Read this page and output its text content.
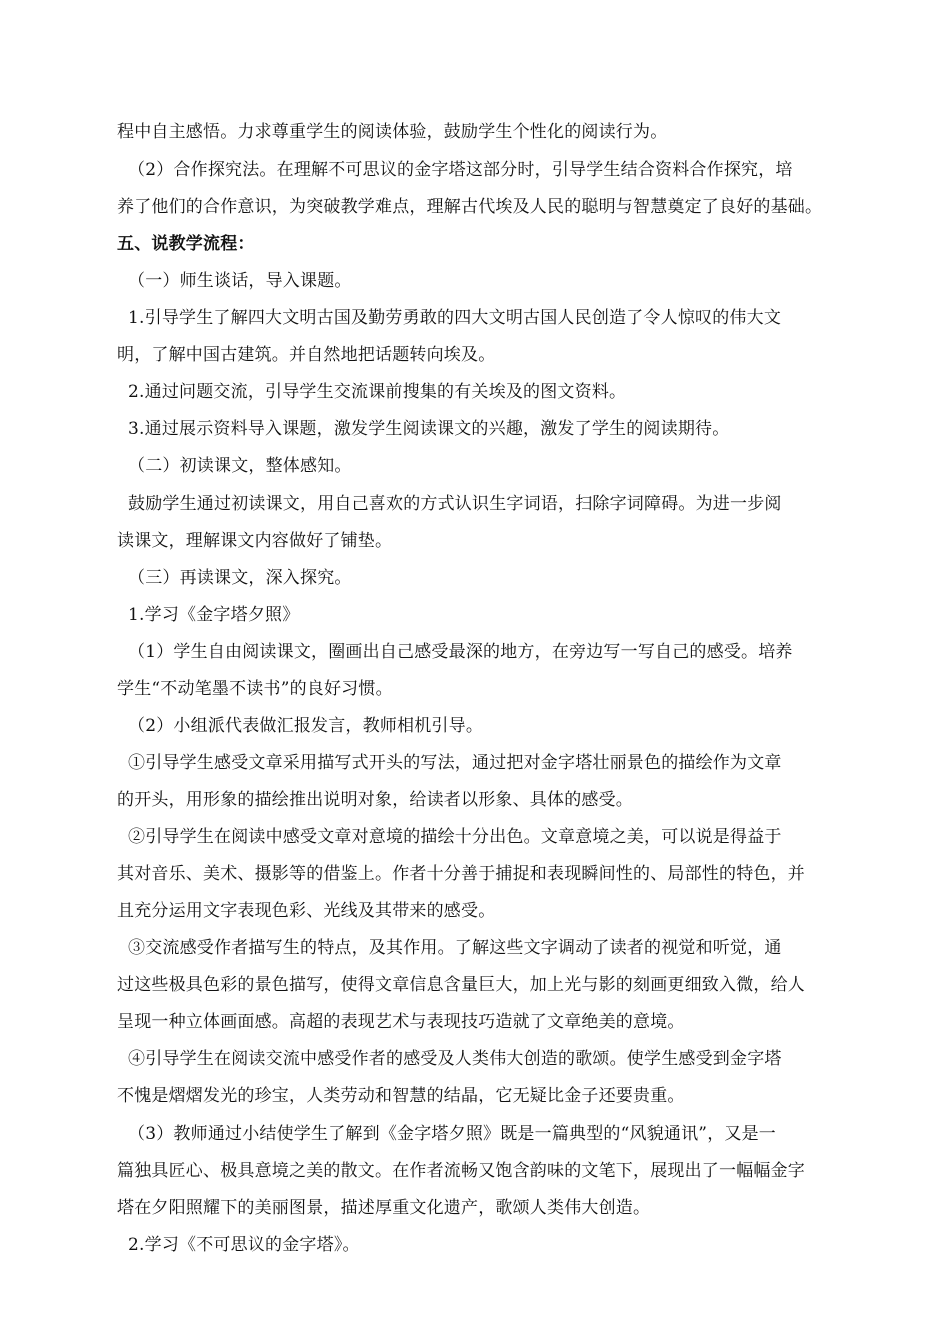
程中自主感悟。力求尊重学生的阅读体验，鼓励学生个性化的阅读行为。
（2）合作探究法。在理解不可思议的金字塔这部分时，引导学生结合资料合作探究，培
养了他们的合作意识，为突破教学难点，理解古代埃及人民的聪明与智慧奠定了良好的基础。
五、说教学流程：
（一）师生谈话，导入课题。
1.引导学生了解四大文明古国及勤劳勇敢的四大文明古国人民创造了令人惊叹的伟大文
明，了解中国古建筑。并自然地把话题转向埃及。
2.通过问题交流，引导学生交流课前搜集的有关埃及的图文资料。
3.通过展示资料导入课题，激发学生阅读课文的兴趣，激发了学生的阅读期待。
（二）初读课文，整体感知。
鼓励学生通过初读课文，用自己喜欢的方式认识生字词语，扫除字词障碍。为进一步阅
读课文，理解课文内容做好了铺垫。
（三）再读课文，深入探究。
1.学习《金字塔夕照》
（1）学生自由阅读课文，圈画出自己感受最深的地方，在旁边写一写自己的感受。培养
学生“不动笔墨不读书”的良好习惯。
（2）小组派代表做汇报发言，教师相机引导。
①引导学生感受文章采用描写式开头的写法，通过把对金字塔壮丽景色的描绘作为文章
的开头，用形象的描绘推出说明对象，给读者以形象、具体的感受。
②引导学生在阅读中感受文章对意境的描绘十分出色。文章意境之美，可以说是得益于
其对音乐、美术、摄影等的借鉴上。作者十分善于捕捉和表现瞬间性的、局部性的特色，并
且充分运用文字表现色彩、光线及其带来的感受。
③交流感受作者描写生的特点，及其作用。了解这些文字调动了读者的视觉和听觉，通
过这些极具色彩的景色描写，使得文章信息含量巨大，加上光与影的刻画更细致入微，给人
呈现一种立体画面感。高超的表现艺术与表现技巧造就了文章绝美的意境。
④引导学生在阅读交流中感受作者的感受及人类伟大创造的歌颂。使学生感受到金字塔
不愧是熠熠发光的珍宝，人类劳动和智慧的结晶，它无疑比金子还要贵重。
（3）教师通过小结使学生了解到《金字塔夕照》既是一篇典型的“风貌通讯”，又是一
篇独具匠心、极具意境之美的散文。在作者流畅又饱含韵味的文笔下，展现出了一幅幅金字
塔在夕阳照耀下的美丽图景，描述厚重文化遗产，歌颂人类伟大创造。
2.学习《不可思议的金字塔》。
